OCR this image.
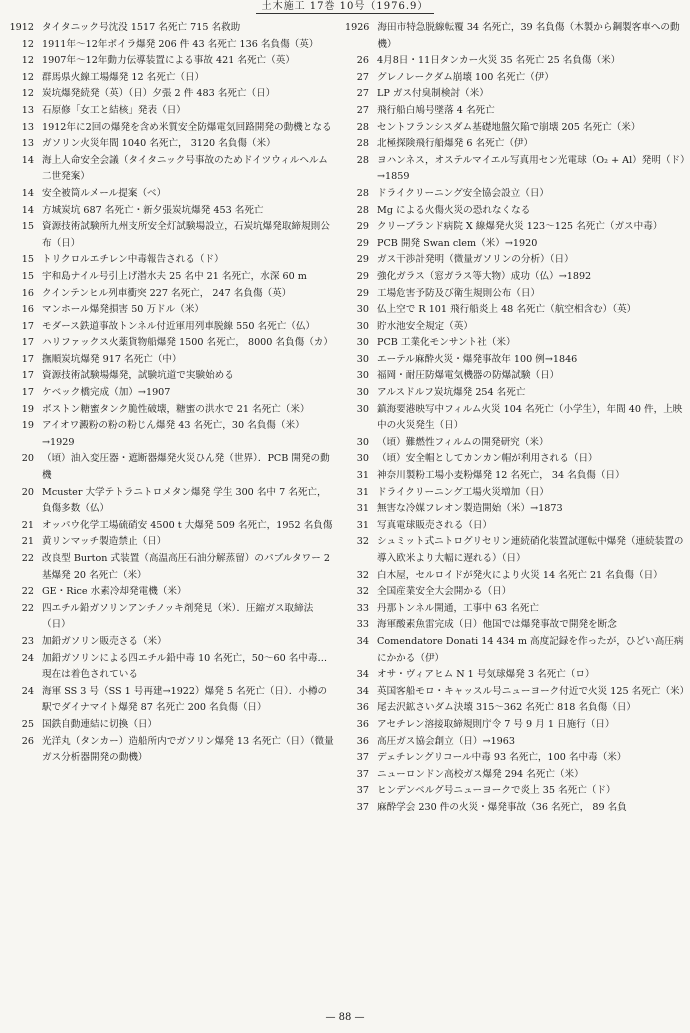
土木施工 17巻 10号（1976.9）
1912 タイタニック号沈没 1517 名死亡 715 名救助
12 1911年〜12年ボイラ爆発 206 件 43 名死亡 136 名負傷（英）
12 1907年〜12年動力伝導装置による事故 421 名死亡（英）
12 群馬県火線工場爆発 12 名死亡（日）
12 炭坑爆発続発（英）（日）夕張 2 件 483 名死亡（日）
13 石原修「女工と結核」発表（日）
13 1912年に2回の爆発を含め米質安全防爆電気回路開発の動機となる
13 ガソリン火災年間 1040 名死亡， 3120 名負傷（米）
14 海上人命安全会議（タイタニック号事故のためドイツウィルヘルム二世発案）
14 安全被筒ルメール提案（ベ）
14 方城炭坑 687 名死亡・新夕張炭坑爆発 453 名死亡
15 資源技術試験所九州支所安全灯試験場設立，石炭坑爆発取締規則公布（日）
15 トリクロルエチレン中毒報告される（ド）
15 宇和島ナイル号引上げ潜水夫 25 名中 21 名死亡，水深 60 m
16 クインテンヒル列車衝突 227 名死亡， 247 名負傷（英）
16 マンホール爆発損害 50 万ドル（米）
17 モダース鉄道事故トンネル付近軍用列車脱線 550 名死亡（仏）
17 ハリファックス火薬貨物船爆発 1500 名死亡， 8000 名負傷（カ）
17 撫順炭坑爆発 917 名死亡（中）
17 資源技術試験場爆発，試験坑道で実験始める
17 ケベック橋完成（加）→1907
19 ボストン糖蜜タンク脆性破壊，糖蜜の洪水で 21 名死亡（米）
19 アイオワ澱粉の粉の粉じん爆発 43 名死亡，30 名負傷（米）→1929
20 （頃）油入変圧器・遮断器爆発火災ひん発（世界）．PCB 開発の動機
20 Mcuster 大学テトラニトロメタン爆発 学生 300 名中 7 名死亡，負傷多数（仏）
21 オッパウ化学工場硫硝安 4500 t 大爆発 509 名死亡，1952 名負傷
21 黄リンマッチ製造禁止（日）
22 改良型 Burton 式装置（高温高圧石油分解蒸留）のパブルタワー 2 基爆発 20 名死亡（米）
22 GE・Rice 水素冷却発電機（米）
22 四エチル鉛ガソリンアンチノッキ剤発見（米）．圧縮ガス取締法（日）
23 加鉛ガソリン販売さる（米）
24 加鉛ガソリンによる四エチル鉛中毒 10 名死亡，50〜60 名中毒…現在は着色されている
24 海軍 SS 3 号（SS 1 号再建→1922）爆発 5 名死亡（日）．小樽の駅でダイナマイト爆発 87 名死亡 200 名負傷（日）
25 国鉄自動連結に切換（日）
26 光洋丸（タンカー）造船所内でガソリン爆発 13 名死亡（日）（微量ガス分析器開発の動機）
1926 海田市特急脱線転覆 34 名死亡，39 名負傷（木製から鋼製客車への動機）
26 4月8日・11日タンカー火災 35 名死亡 25 名負傷（米）
27 グレノレークダム崩壊 100 名死亡（伊）
27 LP ガス付臭制検討（米）
27 飛行船白鳩号墜落 4 名死亡
28 セントフランシスダム基礎地盤欠陥で崩壊 205 名死亡（米）
28 北極探険飛行船爆発 6 名死亡（伊）
28 ヨハンネス，オステルマイエル写真用セン光電球（O₂ + Al）発明（ド）→1859
28 ドライクリーニング安全協会設立（日）
28 Mg による火傷火災の恐れなくなる
29 クリーブランド病院 X 線爆発火災 123〜125 名死亡（ガス中毒）
29 PCB 開発 Swan clem（米）→1920
29 ガス干渉計発明（微量ガソリンの分析）（日）
29 強化ガラス（窓ガラス等大物）成功（仏）→1892
29 工場危害予防及び衛生規則公布（日）
30 仏上空で R 101 飛行船炎上 48 名死亡（航空相含む）（英）
30 貯水池安全規定（英）
30 PCB 工業化モンサント社（米）
30 エーテル麻酔火災・爆発事故年 100 例→1846
30 福岡・耐圧防爆電気機器の防爆試験（日）
30 アルスドルフ炭坑爆発 254 名死亡
30 鎮海要港映写中フィルム火災 104 名死亡（小学生），年間 40 件，上映中の火災発生（日）
30 （頃）難燃性フィルムの開発研究（米）
30 （頃）安全帽としてカンカン帽が利用される（日）
31 神奈川製粉工場小麦粉爆発 12 名死亡， 34 名負傷（日）
31 ドライクリーニング工場火災増加（日）
31 無害な冷媒フレオン製造開始（米）→1873
31 写真電球販売される（日）
32 シュミット式ニトログリセリン連続硝化装置試運転中爆発（連続装置の導入欧米より大幅に遅れる）（日）
32 白木屋，セルロイドが発火により火災 14 名死亡 21 名負傷（日）
32 全国産業安全大会開かる（日）
33 丹那トンネル開通，工事中 63 名死亡
33 海軍酸素魚雷完成（日）他国では爆発事故で開発を断念
34 Comendatore Donati 14 434 m 高度記録を作ったが，ひどい高圧病にかかる（伊）
34 オサ・ヴィアヒム N 1 号気球爆発 3 名死亡（ロ）
34 英国客船モロ・キャッスル号ニューヨーク付近で火災 125 名死亡（米）
36 尾去沢鉱さいダム決壊 315〜362 名死亡 818 名負傷（日）
36 アセチレン溶接取締規則庁令 7 号 9 月 1 日施行（日）
36 高圧ガス協会創立（日）→1963
37 デェチレングリコール中毒 93 名死亡，100 名中毒（米）
37 ニューロンドン高校ガス爆発 294 名死亡（米）
37 ヒンデンベルグ号ニューヨークで炎上 35 名死亡（ド）
37 麻酔学会 230 件の火災・爆発事故（36 名死亡， 89 名負
— 88 —
